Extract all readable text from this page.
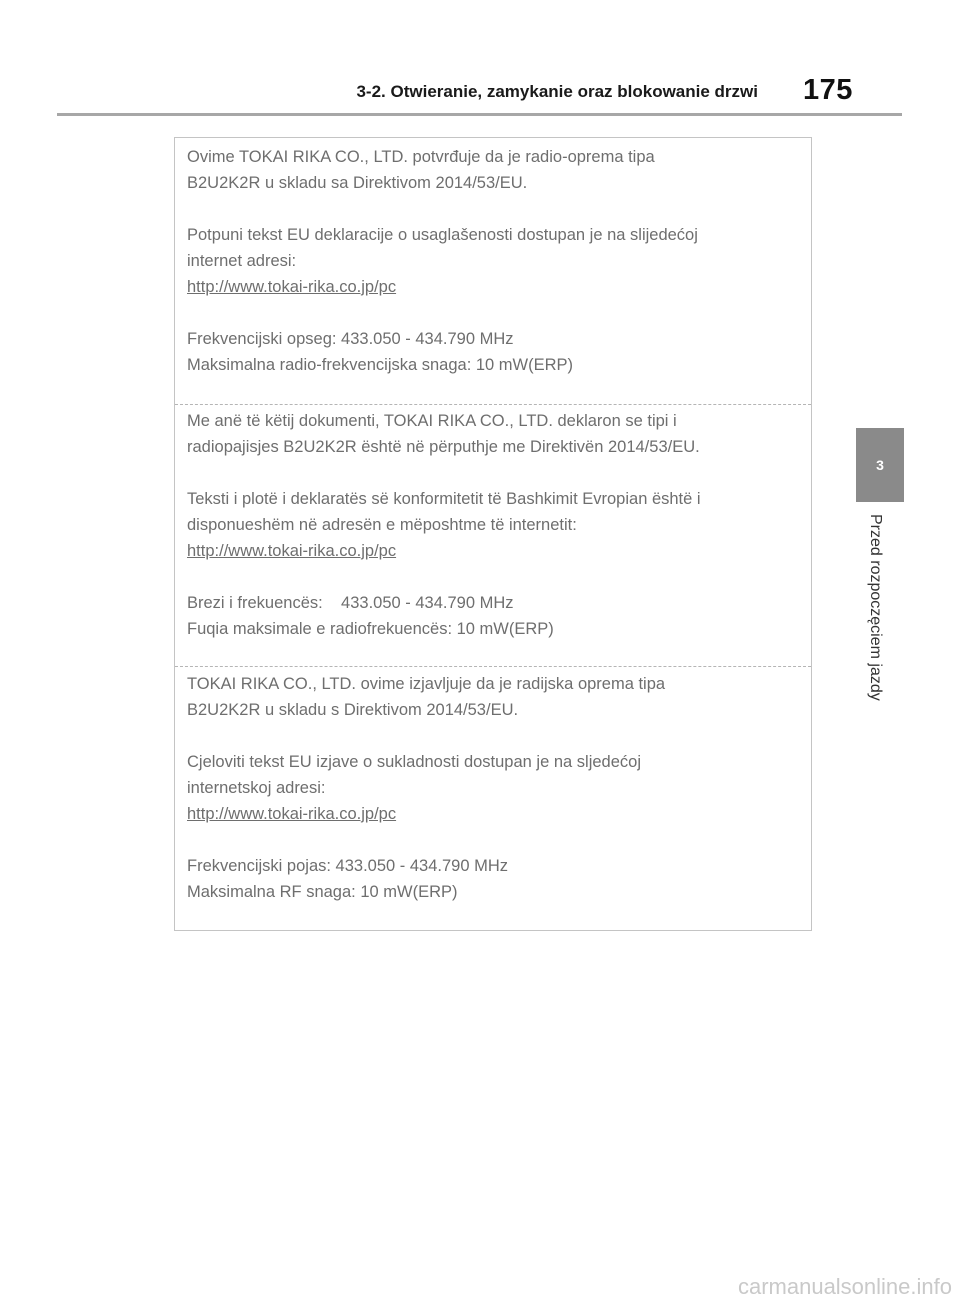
3-2. Otwieranie, zamykanie oraz blokowanie drzwi 175
3
Przed rozpoczęciem jazdy

Ovime TOKAI RIKA CO., LTD. potvrđuje da je radio-oprema tipa

B2U2K2R u skladu sa Direktivom 2014/53/EU.

Potpuni tekst EU deklaracije o usaglašenosti dostupan je na slijedećoj

internet adresi:

http://www.tokai-rika.co.jp/pc

Frekvencijski opseg: 433.050 - 434.790 MHz

Maksimalna radio-frekvencijska snaga: 10 mW(ERP)

Me anë të këtij dokumenti, TOKAI RIKA CO., LTD. deklaron se tipi i

radiopajisjes B2U2K2R është në përputhje me Direktivën 2014/53/EU.

Teksti i plotë i deklaratës së konformitetit të Bashkimit Evropian është i

disponueshëm në adresën e mëposhtme të internetit:

http://www.tokai-rika.co.jp/pc

Brezi i frekuencës:    433.050 - 434.790 MHz

Fuqia maksimale e radiofrekuencës: 10 mW(ERP)

TOKAI RIKA CO., LTD. ovime izjavljuje da je radijska oprema tipa

B2U2K2R u skladu s Direktivom 2014/53/EU.

Cjeloviti tekst EU izjave o sukladnosti dostupan je na sljedećoj

internetskoj adresi:

http://www.tokai-rika.co.jp/pc

Frekvencijski pojas: 433.050 - 434.790 MHz

Maksimalna RF snaga: 10 mW(ERP)

carmanualsonline.info
